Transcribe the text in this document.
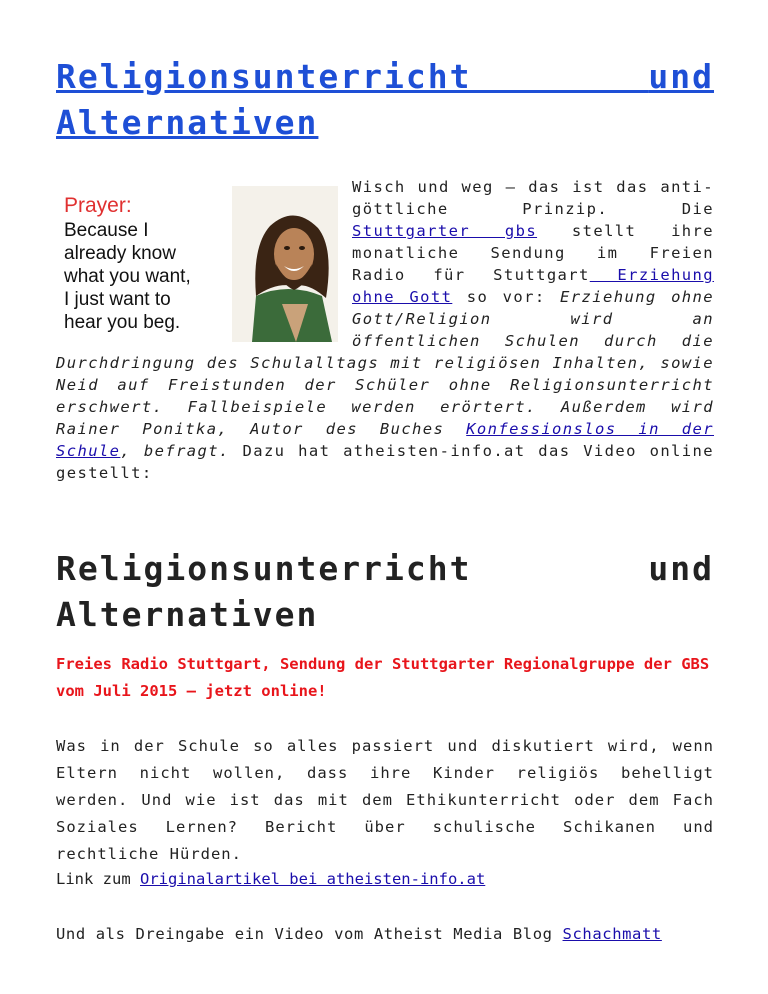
Religionsunterricht	und Alternativen
Prayer:
Because I
already know
what you want,
I just want to
hear you beg.
Wisch und weg – das ist das anti-göttliche Prinzip. Die Stuttgarter gbs stellt ihre monatliche Sendung im Freien Radio für Stuttgart Erziehung ohne Gott so vor: Erziehung ohne Gott/Religion wird an öffentlichen Schulen durch die Durchdringung des Schulalltags mit religiösen Inhalten, sowie Neid auf Freistunden der Schüler ohne Religionsunterricht erschwert. Fallbeispiele werden erörtert. Außerdem wird Rainer Ponitka, Autor des Buches Konfessionslos in der Schule, befragt. Dazu hat atheisten-info.at das Video online gestellt:
Religionsunterricht	und Alternativen
Freies Radio Stuttgart, Sendung der Stuttgarter Regionalgruppe der GBS vom Juli 2015 – jetzt online!
Was in der Schule so alles passiert und diskutiert wird, wenn Eltern nicht wollen, dass ihre Kinder religiös behelligt werden. Und wie ist das mit dem Ethikunterricht oder dem Fach Soziales Lernen? Bericht über schulische Schikanen und rechtliche Hürden.
Link zum Originalartikel bei atheisten-info.at
Und als Dreingabe ein Video vom Atheist Media Blog Schachmatt
